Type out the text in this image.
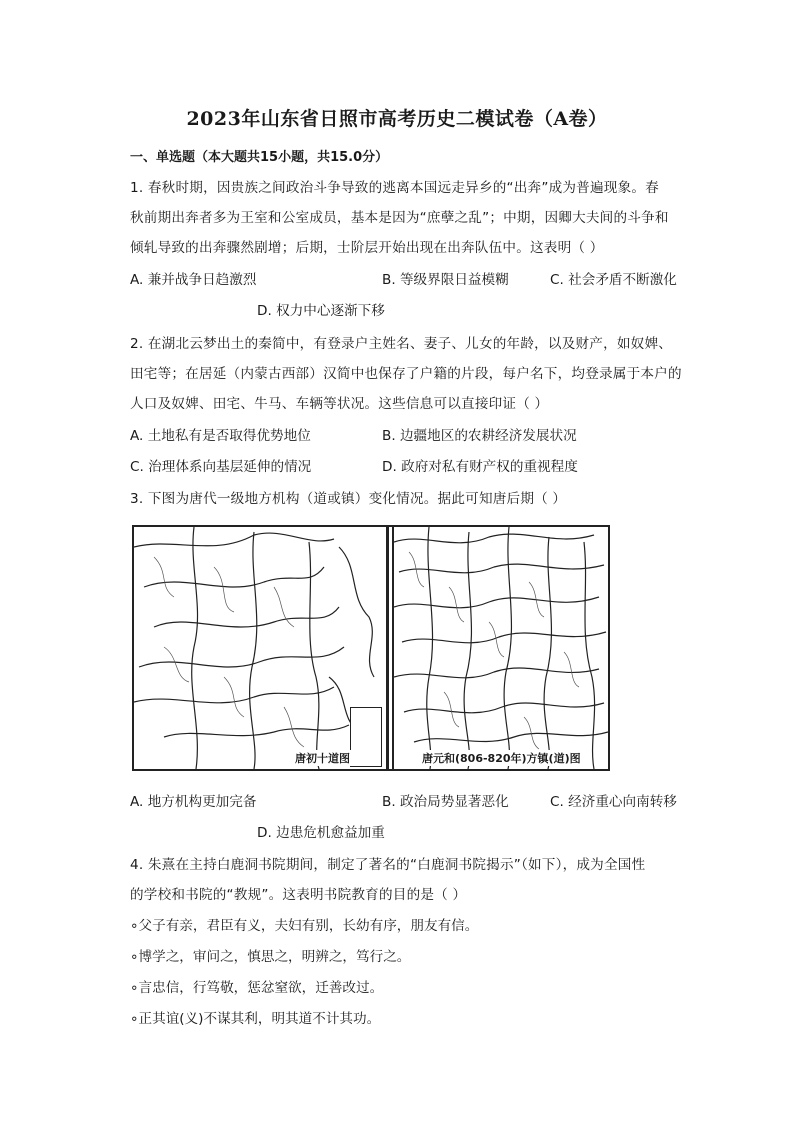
2023年山东省日照市高考历史二模试卷（A卷）
一、单选题（本大题共15小题，共15.0分）
1. 春秋时期，因贵族之间政治斗争导致的逃离本国远走异乡的“出奔”成为普遍现象。春
秋前期出奔者多为王室和公室成员，基本是因为“庶孽之乱”；中期，因卿大夫间的斗争和
倾轧导致的出奔骤然剧增；后期，士阶层开始出现在出奔队伍中。这表明（ ）
A. 兼并战争日趋激烈	B. 等级界限日益模糊	C. 社会矛盾不断激化
D. 权力中心逐渐下移
2. 在湖北云梦出土的秦简中，有登录户主姓名、妻子、儿女的年龄，以及财产，如奴婢、
田宅等；在居延（内蒙古西部）汉简中也保存了户籍的片段，每户名下，均登录属于本户的
人口及奴婢、田宅、牛马、车辆等状况。这些信息可以直接印证（ ）
A. 土地私有是否取得优势地位	B. 边疆地区的农耕经济发展状况
C. 治理体系向基层延伸的情况	D. 政府对私有财产权的重视程度
3. 下图为唐代一级地方机构（道或镇）变化情况。据此可知唐后期（ ）
唐初十道图	唐元和(806-820年)方镇(道)图
A. 地方机构更加完备	B. 政治局势显著恶化	C. 经济重心向南转移
D. 边患危机愈益加重
4. 朱熹在主持白鹿洞书院期间，制定了著名的“白鹿洞书院揭示”（如下），成为全国性
的学校和书院的“教规”。这表明书院教育的目的是（ ）
∘父子有亲，君臣有义，夫妇有别，长幼有序，朋友有信。
∘博学之，审问之，慎思之，明辨之，笃行之。
∘言忠信，行笃敬，惩忿窒欲，迁善改过。
∘正其谊(义)不谋其利，明其道不计其功。
